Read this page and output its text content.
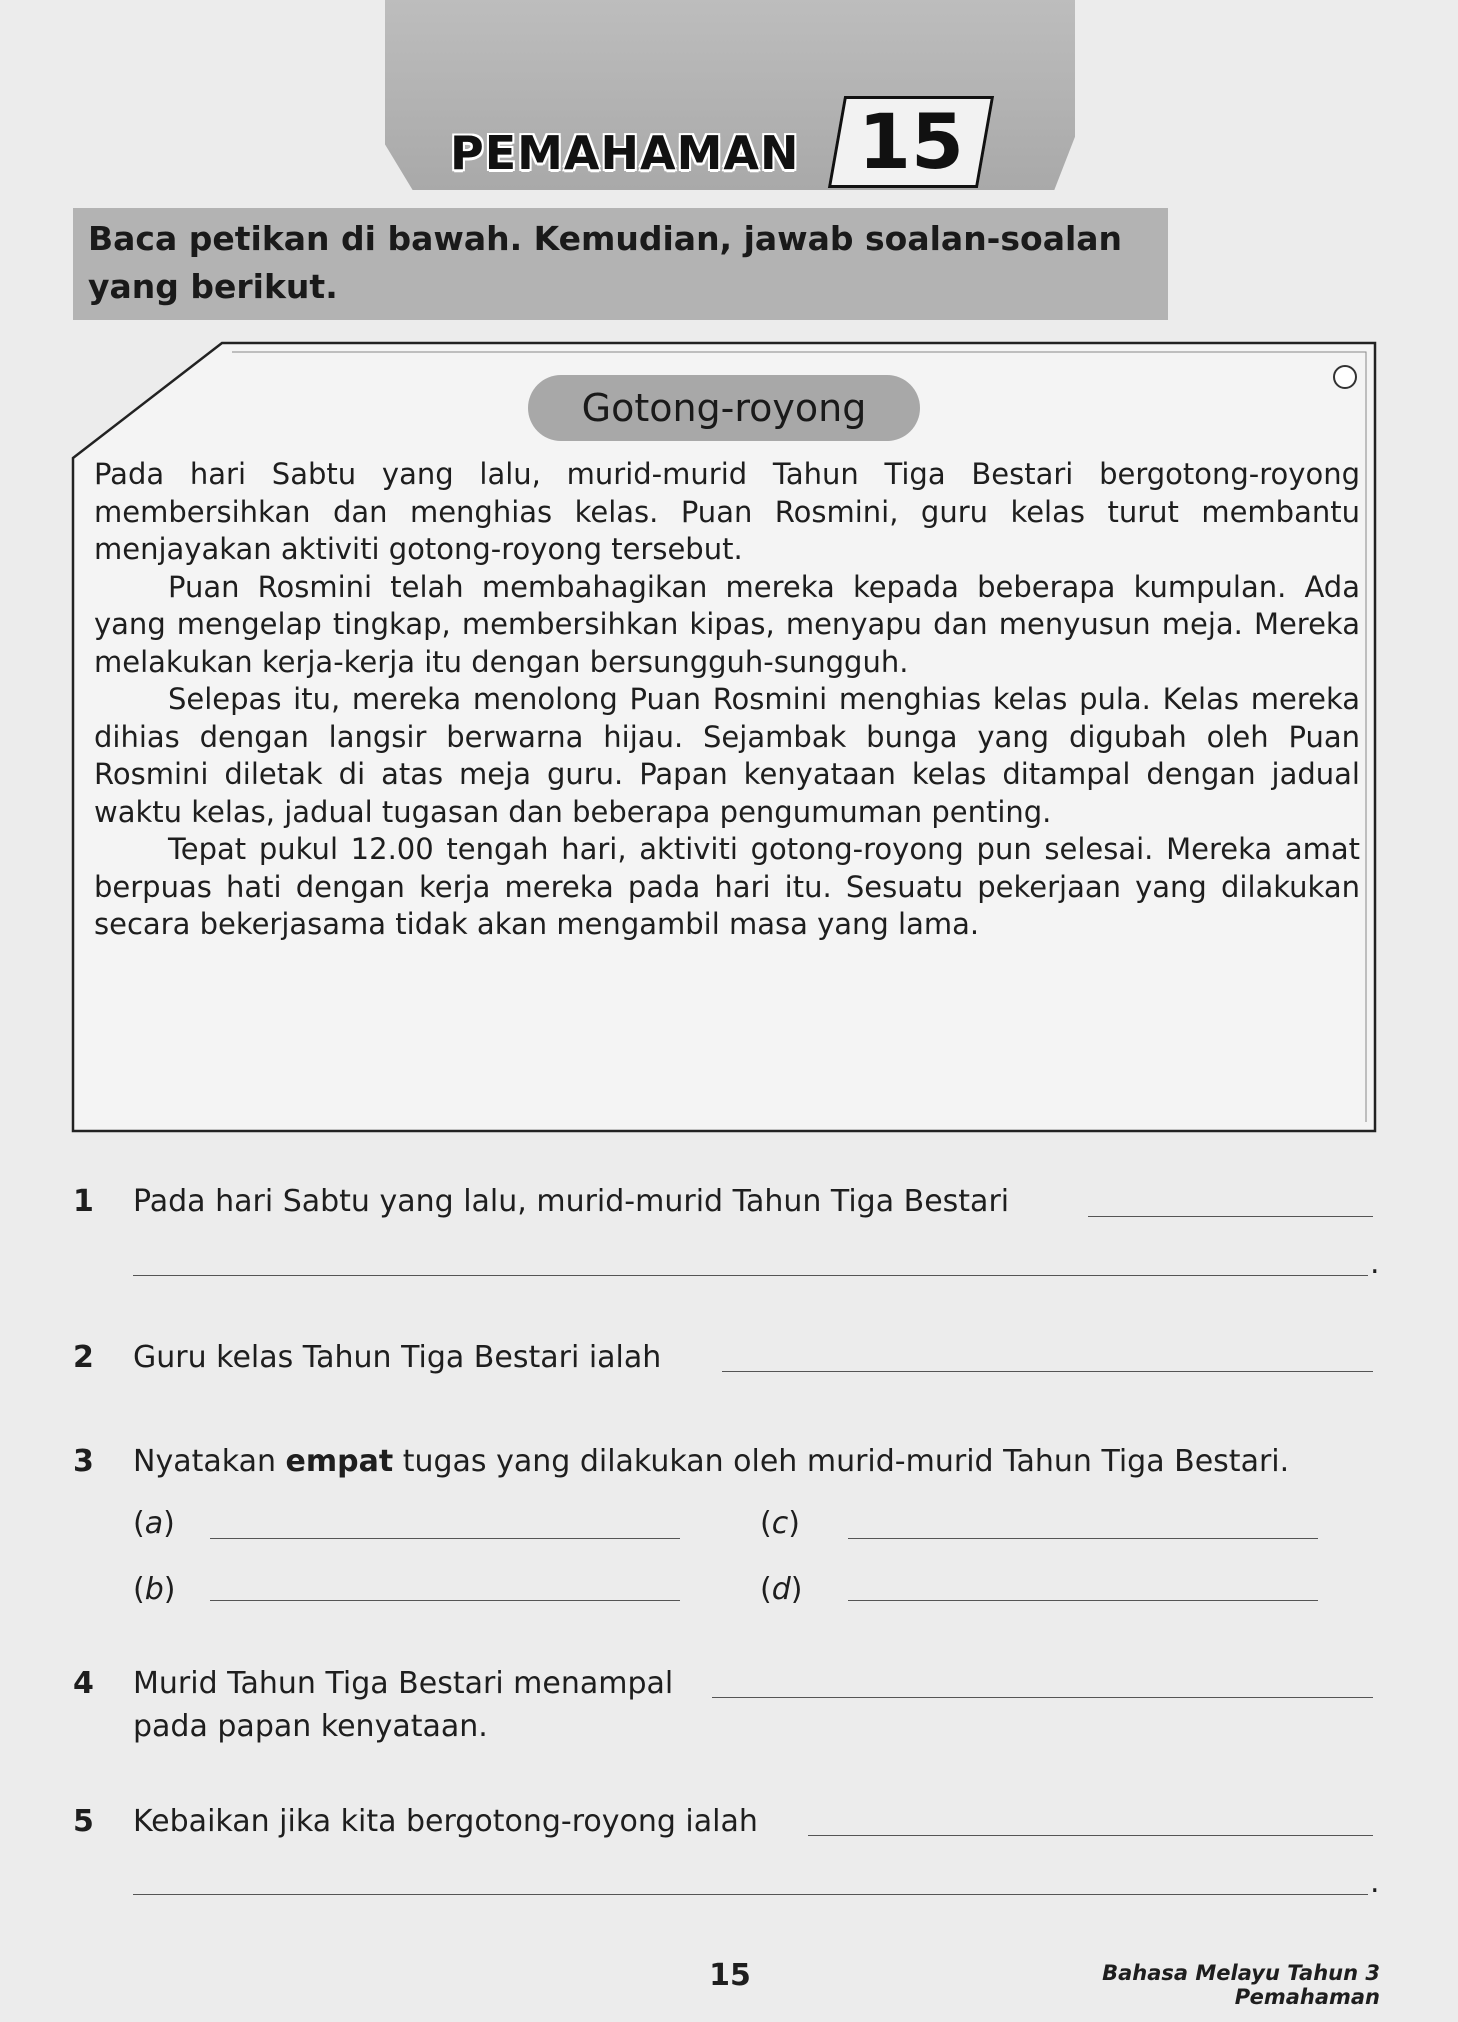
PEMAHAMAN 15

Baca petikan di bawah. Kemudian, jawab soalan-soalan yang berikut.

Gotong-royong

Pada hari Sabtu yang lalu, murid-murid Tahun Tiga Bestari bergotong-royong membersihkan dan menghias kelas. Puan Rosmini, guru kelas turut membantu menjayakan aktiviti gotong-royong tersebut.

Puan Rosmini telah membahagikan mereka kepada beberapa kumpulan. Ada yang mengelap tingkap, membersihkan kipas, menyapu dan menyusun meja. Mereka melakukan kerja-kerja itu dengan bersungguh-sungguh.

Selepas itu, mereka menolong Puan Rosmini menghias kelas pula. Kelas mereka dihias dengan langsir berwarna hijau. Sejambak bunga yang digubah oleh Puan Rosmini diletak di atas meja guru. Papan kenyataan kelas ditampal dengan jadual waktu kelas, jadual tugasan dan beberapa pengumuman penting.

Tepat pukul 12.00 tengah hari, aktiviti gotong-royong pun selesai. Mereka amat berpuas hati dengan kerja mereka pada hari itu. Sesuatu pekerjaan yang dilakukan secara bekerjasama tidak akan mengambil masa yang lama.

1 Pada hari Sabtu yang lalu, murid-murid Tahun Tiga Bestari
.
2 Guru kelas Tahun Tiga Bestari ialah
3 Nyatakan empat tugas yang dilakukan oleh murid-murid Tahun Tiga Bestari.
(a)	(c)
(b)	(d)
4 Murid Tahun Tiga Bestari menampal
pada papan kenyataan.
5 Kebaikan jika kita bergotong-royong ialah
.
15	Bahasa Melayu Tahun 3 Pemahaman
